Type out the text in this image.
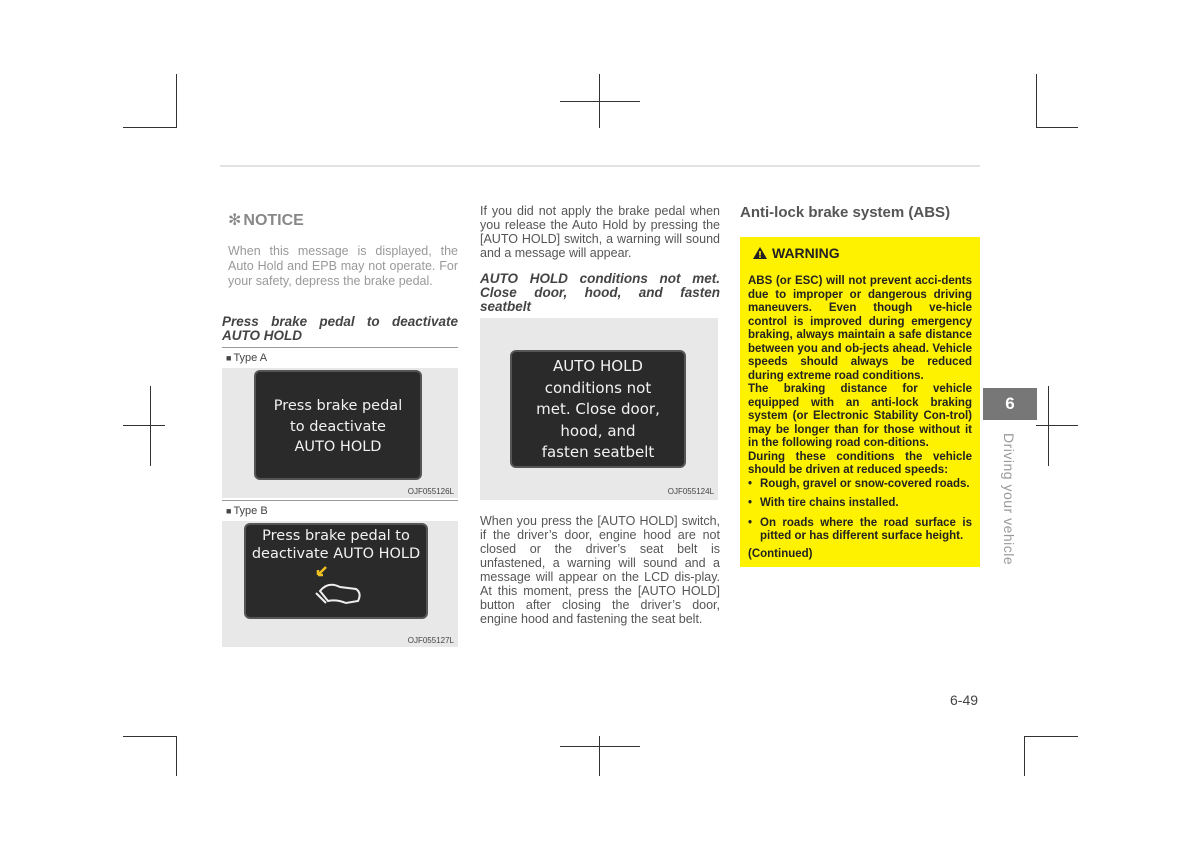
✻ NOTICE
When this message is displayed, the Auto Hold and EPB may not operate. For your safety, depress the brake pedal.
Press brake pedal to deactivate AUTO HOLD
■ Type A
Press brake pedal
to deactivate
AUTO HOLD
OJF055126L
■ Type B
Press brake pedal to
deactivate AUTO HOLD
OJF055127L
If you did not apply the brake pedal when you release the Auto Hold by pressing the [AUTO HOLD] switch, a warning will sound and a message will appear.
AUTO HOLD conditions not met. Close door, hood, and fasten seatbelt
AUTO HOLD
conditions not
met. Close door,
hood, and
fasten seatbelt
OJF055124L
When you press the [AUTO HOLD] switch, if the driver’s door, engine hood are not closed or the driver’s seat belt is unfastened, a warning will sound and a message will appear on the LCD dis-play. At this moment, press the [AUTO HOLD] button after closing the driver’s door, engine hood and fastening the seat belt.
Anti-lock brake system (ABS)
WARNING

ABS (or ESC) will not prevent acci-dents due to improper or dangerous driving maneuvers. Even though ve-hicle control is improved during emergency braking, always maintain a safe distance between you and ob-jects ahead. Vehicle speeds should always be reduced during extreme road conditions.

The braking distance for vehicle equipped with an anti-lock braking system (or Electronic Stability Con-trol) may be longer than for those without it in the following road con-ditions.

During these conditions the vehicle should be driven at reduced speeds:

• Rough, gravel or snow-covered roads.
• With tire chains installed.
• On roads where the road surface is pitted or has different surface height.

(Continued)

6
Driving your vehicle
6-49
